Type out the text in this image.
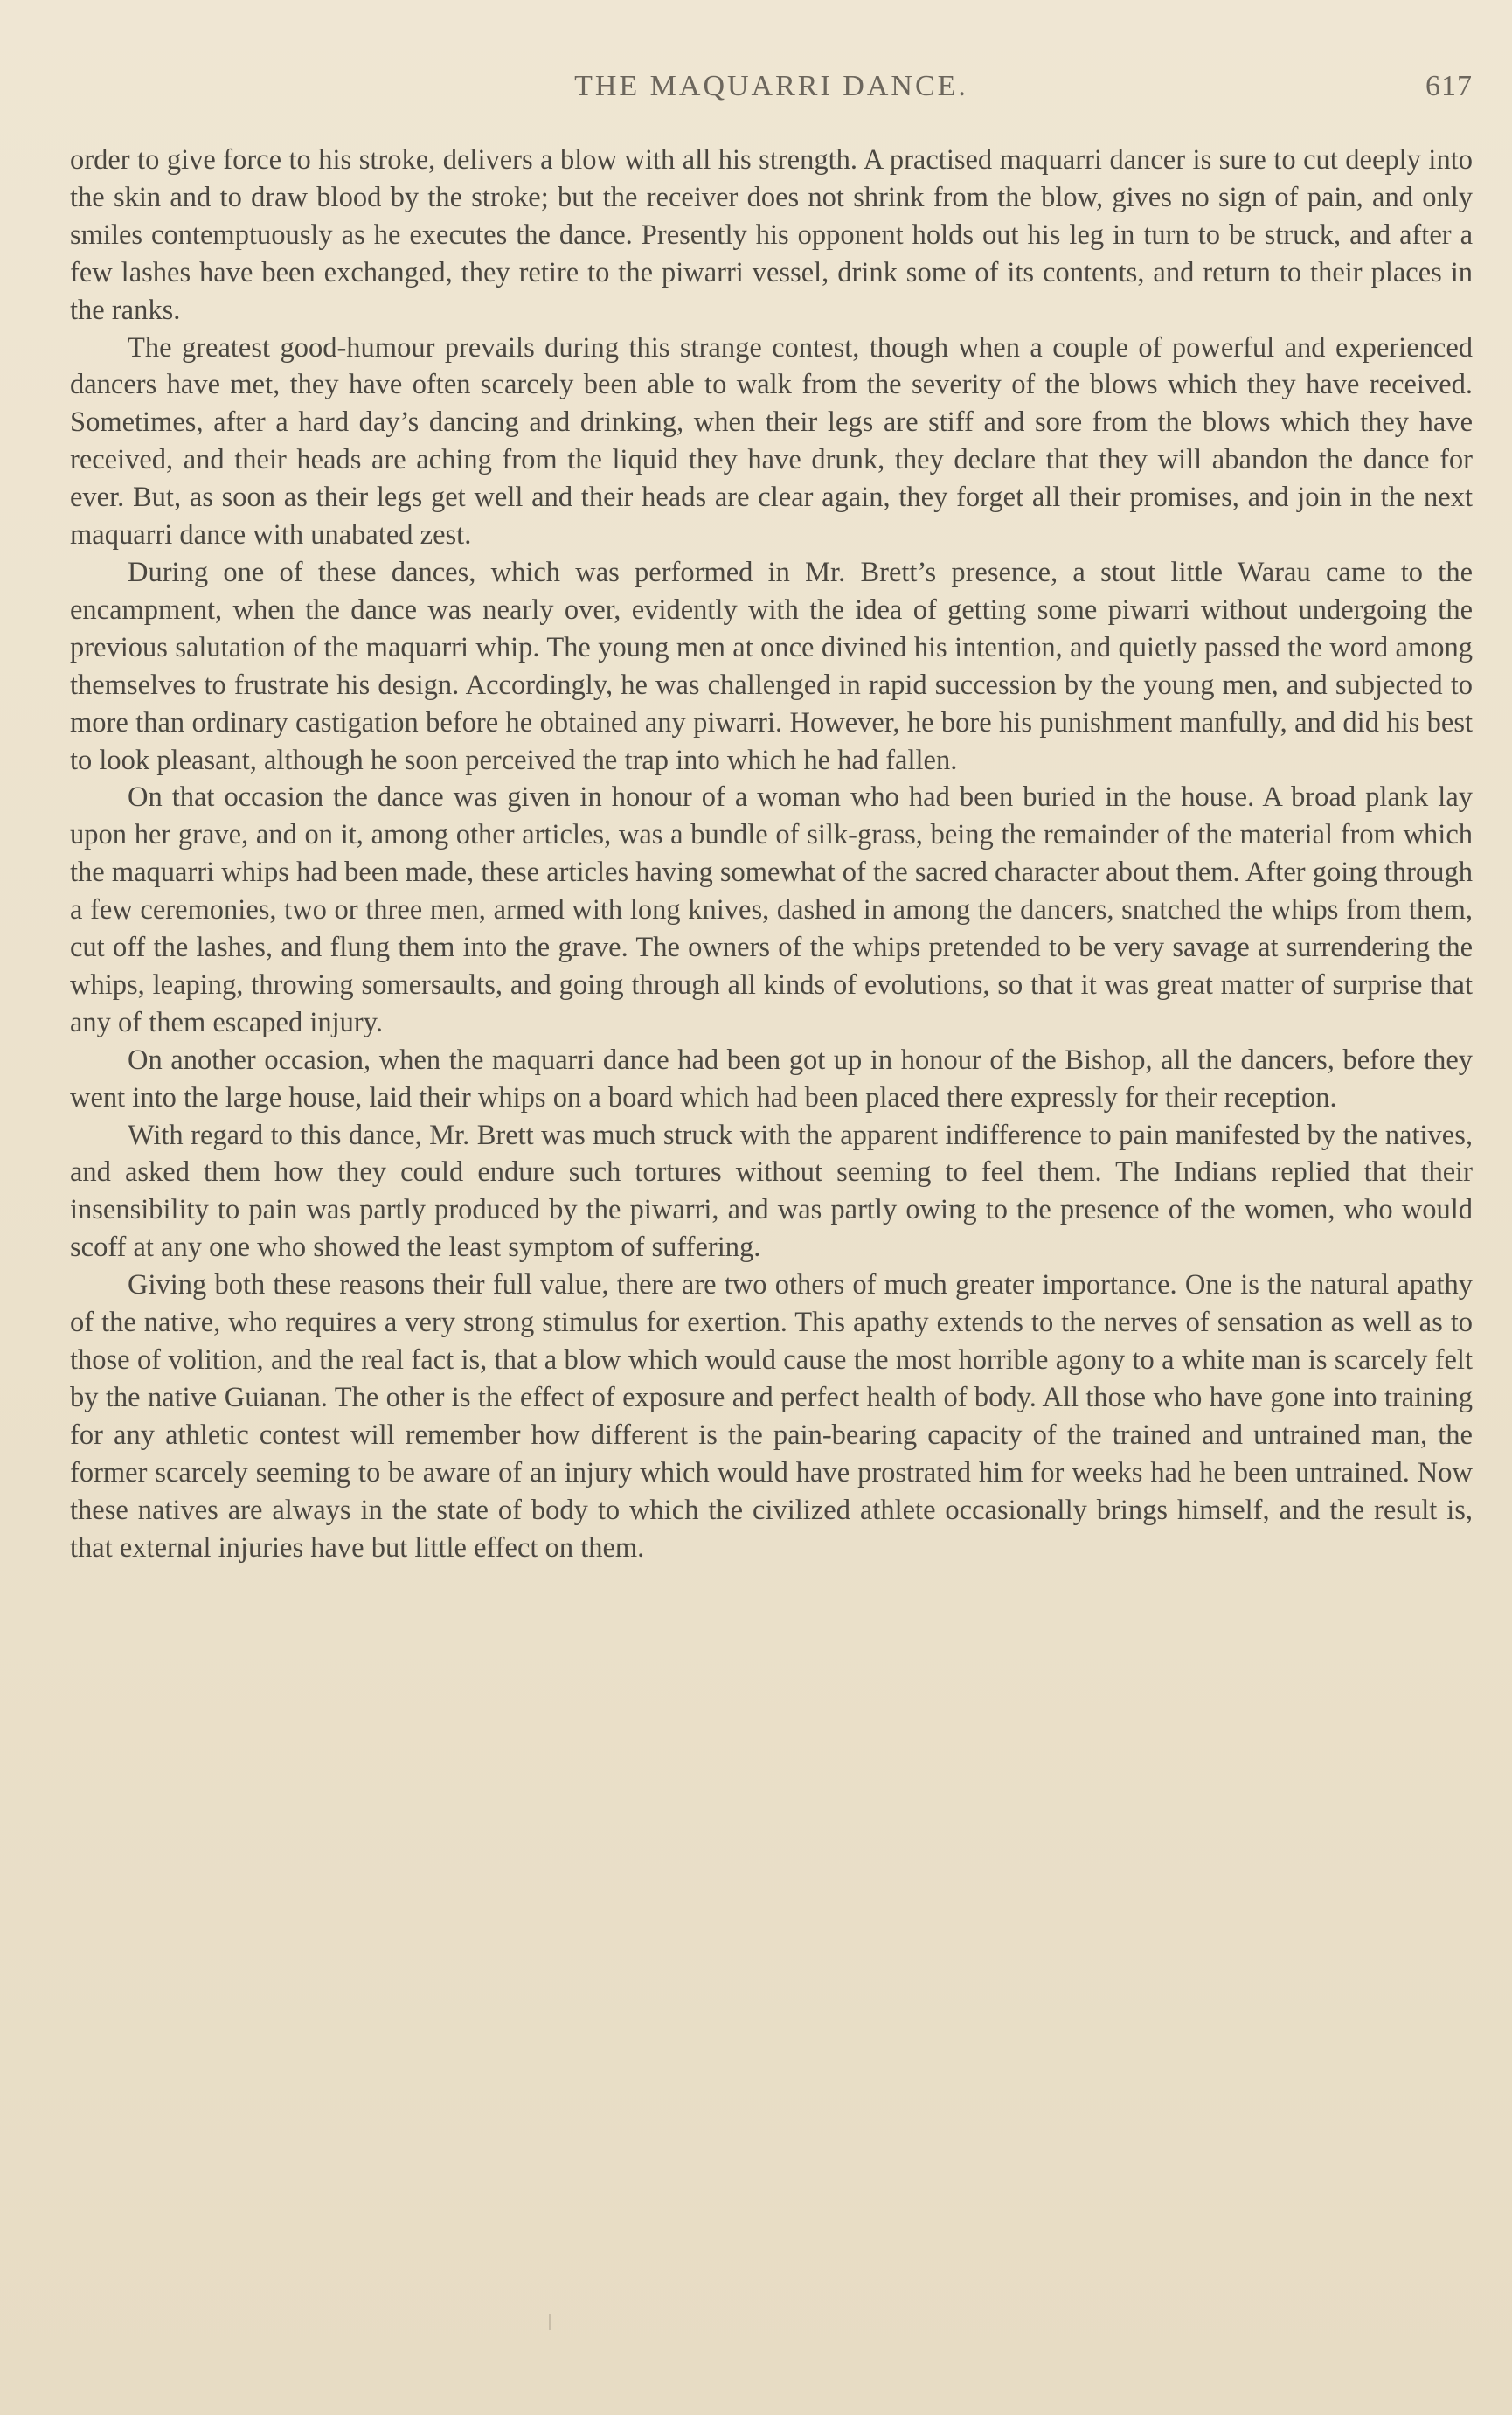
THE MAQUARRI DANCE.	617

order to give force to his stroke, delivers a blow with all his strength. A practised maquarri dancer is sure to cut deeply into the skin and to draw blood by the stroke; but the receiver does not shrink from the blow, gives no sign of pain, and only smiles contemptuously as he executes the dance. Presently his opponent holds out his leg in turn to be struck, and after a few lashes have been exchanged, they retire to the piwarri vessel, drink some of its contents, and return to their places in the ranks.

The greatest good-humour prevails during this strange contest, though when a couple of powerful and experienced dancers have met, they have often scarcely been able to walk from the severity of the blows which they have received. Sometimes, after a hard day’s dancing and drinking, when their legs are stiff and sore from the blows which they have received, and their heads are aching from the liquid they have drunk, they declare that they will abandon the dance for ever. But, as soon as their legs get well and their heads are clear again, they forget all their promises, and join in the next maquarri dance with unabated zest.

During one of these dances, which was performed in Mr. Brett’s presence, a stout little Warau came to the encampment, when the dance was nearly over, evidently with the idea of getting some piwarri without undergoing the previous salutation of the maquarri whip. The young men at once divined his intention, and quietly passed the word among themselves to frustrate his design. Accordingly, he was challenged in rapid succession by the young men, and subjected to more than ordinary castigation before he obtained any piwarri. However, he bore his punishment manfully, and did his best to look pleasant, although he soon perceived the trap into which he had fallen.

On that occasion the dance was given in honour of a woman who had been buried in the house. A broad plank lay upon her grave, and on it, among other articles, was a bundle of silk-grass, being the remainder of the material from which the maquarri whips had been made, these articles having somewhat of the sacred character about them. After going through a few ceremonies, two or three men, armed with long knives, dashed in among the dancers, snatched the whips from them, cut off the lashes, and flung them into the grave. The owners of the whips pretended to be very savage at surrendering the whips, leaping, throwing somersaults, and going through all kinds of evolutions, so that it was great matter of surprise that any of them escaped injury.

On another occasion, when the maquarri dance had been got up in honour of the Bishop, all the dancers, before they went into the large house, laid their whips on a board which had been placed there expressly for their reception.

With regard to this dance, Mr. Brett was much struck with the apparent indifference to pain manifested by the natives, and asked them how they could endure such tortures without seeming to feel them. The Indians replied that their insensibility to pain was partly produced by the piwarri, and was partly owing to the presence of the women, who would scoff at any one who showed the least symptom of suffering.

Giving both these reasons their full value, there are two others of much greater importance. One is the natural apathy of the native, who requires a very strong stimulus for exertion. This apathy extends to the nerves of sensation as well as to those of volition, and the real fact is, that a blow which would cause the most horrible agony to a white man is scarcely felt by the native Guianan. The other is the effect of exposure and perfect health of body. All those who have gone into training for any athletic contest will remember how different is the pain-bearing capacity of the trained and untrained man, the former scarcely seeming to be aware of an injury which would have prostrated him for weeks had he been untrained. Now these natives are always in the state of body to which the civilized athlete occasionally brings himself, and the result is, that external injuries have but little effect on them.
